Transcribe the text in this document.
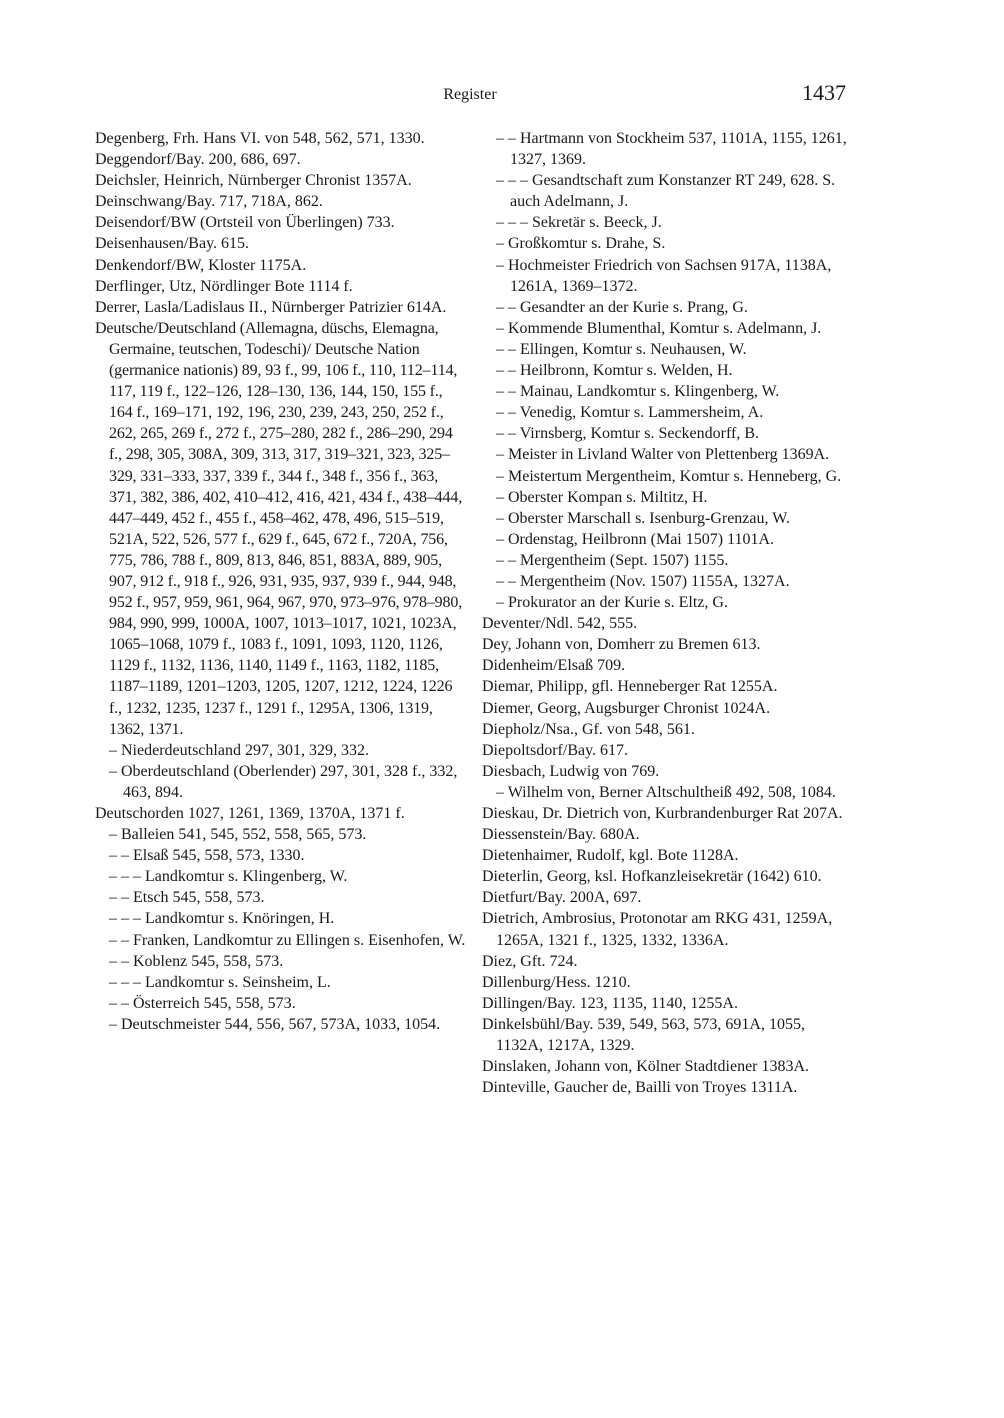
Register	1437
Degenberg, Frh. Hans VI. von 548, 562, 571, 1330.
Deggendorf/Bay. 200, 686, 697.
Deichsler, Heinrich, Nürnberger Chronist 1357A.
Deinschwang/Bay. 717, 718A, 862.
Deisendorf/BW (Ortsteil von Überlingen) 733.
Deisenhausen/Bay. 615.
Denkendorf/BW, Kloster 1175A.
Derflinger, Utz, Nördlinger Bote 1114 f.
Derrer, Lasla/Ladislaus II., Nürnberger Patrizier 614A.
Deutsche/Deutschland (Allemagna, düschs, Elemagna, Germaine, teutschen, Todeschi)/ Deutsche Nation (germanice nationis) 89, 93 f., 99, 106 f., 110, 112–114, 117, 119 f., 122–126, 128–130, 136, 144, 150, 155 f., 164 f., 169–171, 192, 196, 230, 239, 243, 250, 252 f., 262, 265, 269 f., 272 f., 275–280, 282 f., 286–290, 294 f., 298, 305, 308A, 309, 313, 317, 319–321, 323, 325–329, 331–333, 337, 339 f., 344 f., 348 f., 356 f., 363, 371, 382, 386, 402, 410–412, 416, 421, 434 f., 438–444, 447–449, 452 f., 455 f., 458–462, 478, 496, 515–519, 521A, 522, 526, 577 f., 629 f., 645, 672 f., 720A, 756, 775, 786, 788 f., 809, 813, 846, 851, 883A, 889, 905, 907, 912 f., 918 f., 926, 931, 935, 937, 939 f., 944, 948, 952 f., 957, 959, 961, 964, 967, 970, 973–976, 978–980, 984, 990, 999, 1000A, 1007, 1013–1017, 1021, 1023A, 1065–1068, 1079 f., 1083 f., 1091, 1093, 1120, 1126, 1129 f., 1132, 1136, 1140, 1149 f., 1163, 1182, 1185, 1187–1189, 1201–1203, 1205, 1207, 1212, 1224, 1226 f., 1232, 1235, 1237 f., 1291 f., 1295A, 1306, 1319, 1362, 1371.
– Niederdeutschland 297, 301, 329, 332.
– Oberdeutschland (Oberlender) 297, 301, 328 f., 332, 463, 894.
Deutschorden 1027, 1261, 1369, 1370A, 1371 f.
– Balleien 541, 545, 552, 558, 565, 573.
– – Elsaß 545, 558, 573, 1330.
– – – Landkomtur s. Klingenberg, W.
– – Etsch 545, 558, 573.
– – – Landkomtur s. Knöringen, H.
– – Franken, Landkomtur zu Ellingen s. Eisenhofen, W.
– – Koblenz 545, 558, 573.
– – – Landkomtur s. Seinsheim, L.
– – Österreich 545, 558, 573.
– Deutschmeister 544, 556, 567, 573A, 1033, 1054.
– – Hartmann von Stockheim 537, 1101A, 1155, 1261, 1327, 1369.
– – – Gesandtschaft zum Konstanzer RT 249, 628. S. auch Adelmann, J.
– – – Sekretär s. Beeck, J.
– Großkomtur s. Drahe, S.
– Hochmeister Friedrich von Sachsen 917A, 1138A, 1261A, 1369–1372.
– – Gesandter an der Kurie s. Prang, G.
– Kommende Blumenthal, Komtur s. Adelmann, J.
– – Ellingen, Komtur s. Neuhausen, W.
– – Heilbronn, Komtur s. Welden, H.
– – Mainau, Landkomtur s. Klingenberg, W.
– – Venedig, Komtur s. Lammersheim, A.
– – Virnsberg, Komtur s. Seckendorff, B.
– Meister in Livland Walter von Plettenberg 1369A.
– Meistertum Mergentheim, Komtur s. Henneberg, G.
– Oberster Kompan s. Miltitz, H.
– Oberster Marschall s. Isenburg-Grenzau, W.
– Ordenstag, Heilbronn (Mai 1507) 1101A.
– – Mergentheim (Sept. 1507) 1155.
– – Mergentheim (Nov. 1507) 1155A, 1327A.
– Prokurator an der Kurie s. Eltz, G.
Deventer/Ndl. 542, 555.
Dey, Johann von, Domherr zu Bremen 613.
Didenheim/Elsaß 709.
Diemar, Philipp, gfl. Henneberger Rat 1255A.
Diemer, Georg, Augsburger Chronist 1024A.
Diepholz/Nsa., Gf. von 548, 561.
Diepoltsdorf/Bay. 617.
Diesbach, Ludwig von 769.
– Wilhelm von, Berner Altschultheiß 492, 508, 1084.
Dieskau, Dr. Dietrich von, Kurbrandenburger Rat 207A.
Diessenstein/Bay. 680A.
Dietenhaimer, Rudolf, kgl. Bote 1128A.
Dieterlin, Georg, ksl. Hofkanzleisekretär (1642) 610.
Dietfurt/Bay. 200A, 697.
Dietrich, Ambrosius, Protonotar am RKG 431, 1259A, 1265A, 1321 f., 1325, 1332, 1336A.
Diez, Gft. 724.
Dillenburg/Hess. 1210.
Dillingen/Bay. 123, 1135, 1140, 1255A.
Dinkelsbühl/Bay. 539, 549, 563, 573, 691A, 1055, 1132A, 1217A, 1329.
Dinslaken, Johann von, Kölner Stadtdiener 1383A.
Dinteville, Gaucher de, Bailli von Troyes 1311A.
